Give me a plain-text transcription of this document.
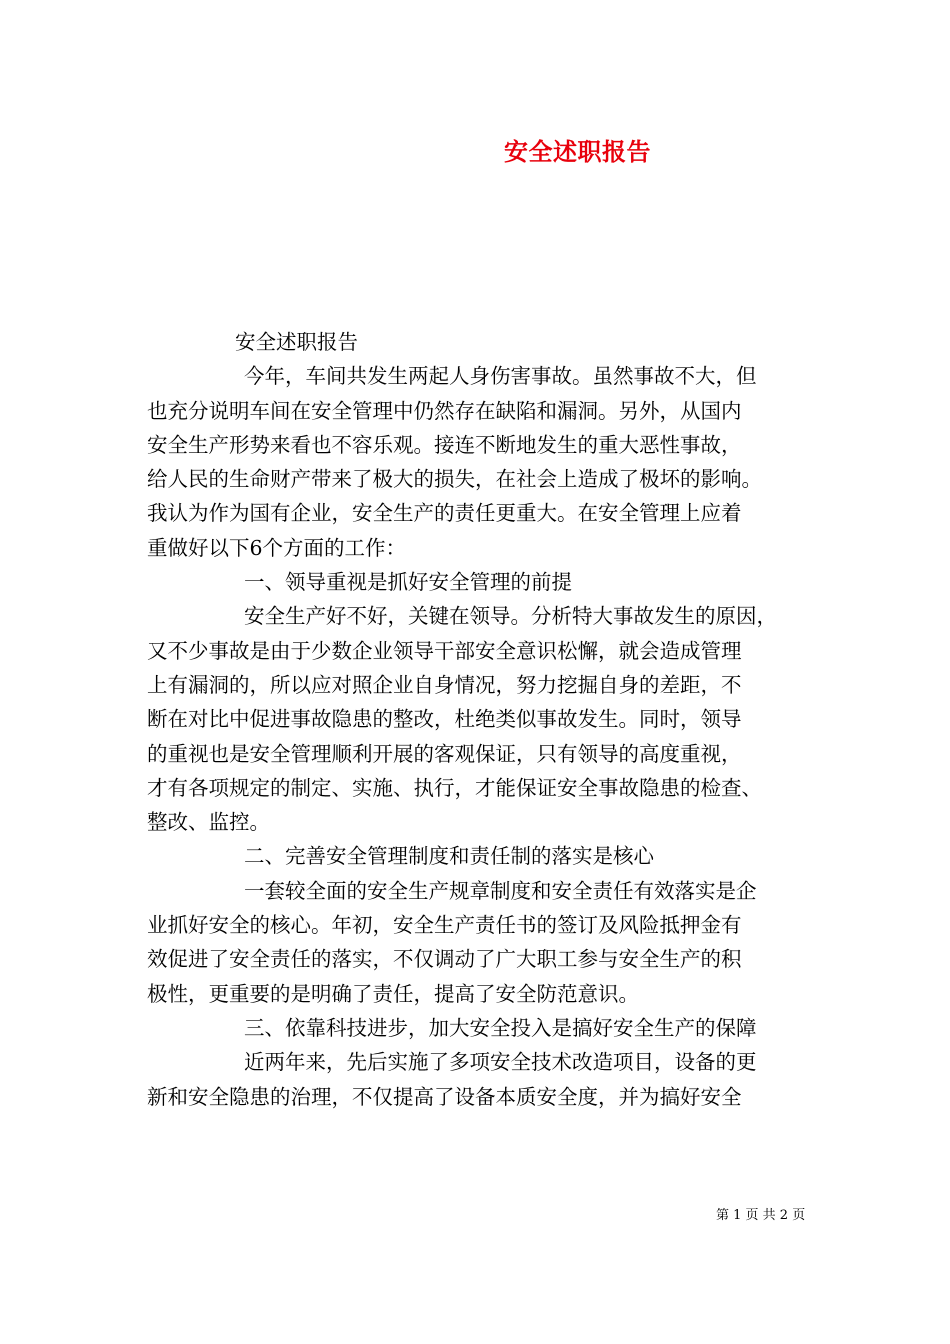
安全述职报告
安全述职报告
今年，车间共发生两起人身伤害事故。虽然事故不大，但
也充分说明车间在安全管理中仍然存在缺陷和漏洞。另外，从国内
安全生产形势来看也不容乐观。接连不断地发生的重大恶性事故，
给人民的生命财产带来了极大的损失，在社会上造成了极坏的影响。
我认为作为国有企业，安全生产的责任更重大。在安全管理上应着
重做好以下6个方面的工作：
一、领导重视是抓好安全管理的前提
安全生产好不好，关键在领导。分析特大事故发生的原因，
又不少事故是由于少数企业领导干部安全意识松懈，就会造成管理
上有漏洞的，所以应对照企业自身情况，努力挖掘自身的差距，不
断在对比中促进事故隐患的整改，杜绝类似事故发生。同时，领导
的重视也是安全管理顺利开展的客观保证，只有领导的高度重视，
才有各项规定的制定、实施、执行，才能保证安全事故隐患的检查、
整改、监控。
二、完善安全管理制度和责任制的落实是核心
一套较全面的安全生产规章制度和安全责任有效落实是企
业抓好安全的核心。年初，安全生产责任书的签订及风险抵押金有
效促进了安全责任的落实，不仅调动了广大职工参与安全生产的积
极性，更重要的是明确了责任，提高了安全防范意识。
三、依靠科技进步，加大安全投入是搞好安全生产的保障
近两年来，先后实施了多项安全技术改造项目，设备的更
新和安全隐患的治理，不仅提高了设备本质安全度，并为搞好安全
第 1 页 共 2 页
